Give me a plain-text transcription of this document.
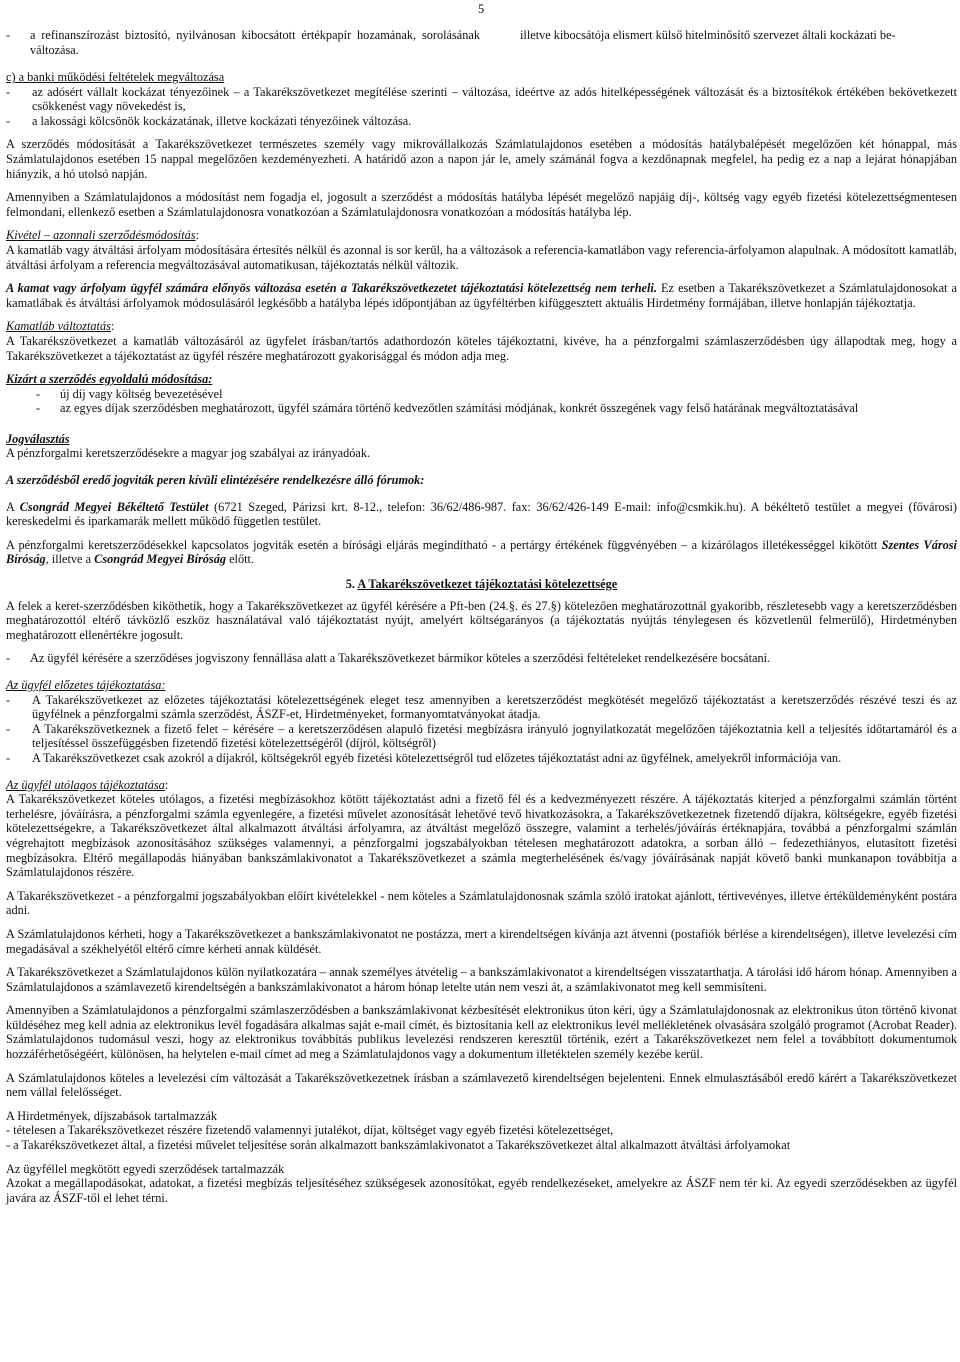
5
-	a refinanszírozást biztosító, nyilvánosan kibocsátott értékpapír hozamának, sorolásának változása.
illetve kibocsátója elismert külső hitelminősítő szervezet általi kockázati be-

c) a banki működési feltételek megváltozása

-	az adósért vállalt kockázat tényezőinek – a Takarékszövetkezet megítélése szerinti – változása, ideértve az adós hitelképességének változását és a biztosítékok értékében bekövetkezett csökkenést vagy növekedést is,
-	a lakossági kölcsönök kockázatának, illetve kockázati tényezőinek változása.

A szerződés módosítását a Takarékszövetkezet természetes személy vagy mikrovállalkozás Számlatulajdonos esetében a módosítás hatálybalépését megelőzően két hónappal, más Számlatulajdonos esetében 15 nappal megelőzően kezdeményezheti. A határidő azon a napon jár le, amely számánál fogva a kezdőnapnak megfelel, ha pedig ez a nap a lejárat hónapjában hiányzik, a hó utolsó napján.

Amennyiben a Számlatulajdonos a módosítást nem fogadja el, jogosult a szerződést a módosítás hatályba lépését megelőző napjáig díj-, költség vagy egyéb fizetési kötelezettségmentesen felmondani, ellenkező esetben a Számlatulajdonosra vonatkozóan a Számlatulajdonosra vonatkozóan a módosítás hatályba lép.

Kivétel – azonnali szerződésmódosítás:

A kamatláb vagy átváltási árfolyam módosítására értesítés nélkül és azonnal is sor kerül, ha a változások a referencia-kamatlábon vagy referencia-árfolyamon alapulnak. A módosított kamatláb, átváltási árfolyam a referencia megváltozásával automatikusan, tájékoztatás nélkül változik.

A kamat vagy árfolyam ügyfél számára előnyös változása esetén a Takarékszövetkezetet tájékoztatási kötelezettség nem terheli. Ez esetben a Takarékszövetkezet a Számlatulajdonosokat a kamatlábak és átváltási árfolyamok módosulásáról legkésőbb a hatályba lépés időpontjában az ügyféltérben kifüggesztett aktuális Hirdetmény formájában, illetve honlapján tájékoztatja.

Kamatláb változtatás:

A Takarékszövetkezet a kamatláb változásáról az ügyfelet írásban/tartós adathordozón köteles tájékoztatni, kivéve, ha a pénzforgalmi számlaszerződésben úgy állapodtak meg, hogy a Takarékszövetkezet a tájékoztatást az ügyfél részére meghatározott gyakorisággal és módon adja meg.

Kizárt a szerződés egyoldalú módosítása:

-	új díj vagy költség bevezetésével
-	az egyes díjak szerződésben meghatározott, ügyfél számára történő kedvezőtlen számítási módjának, konkrét összegének vagy felső határának megváltoztatásával

Jogválasztás

A pénzforgalmi keretszerződésekre a magyar jog szabályai az irányadóak.

A szerződésből eredő jogviták peren kívüli elintézésére rendelkezésre álló fórumok:

A Csongrád Megyei Békéltető Testület (6721 Szeged, Párizsi krt. 8-12., telefon: 36/62/486-987. fax: 36/62/426-149 E-mail: info@csmkik.hu). A békéltető testület a megyei (fővárosi) kereskedelmi és iparkamarák mellett működő független testület.

A pénzforgalmi keretszerződésekkel kapcsolatos jogviták esetén a bírósági eljárás megindítható - a pertárgy értékének függvényében – a kizárólagos illetékességgel kikötött Szentes Városi Bíróság, illetve a Csongrád Megyei Bíróság előtt.

5. A Takarékszövetkezet tájékoztatási kötelezettsége

A felek a keret-szerződésben kiköthetik, hogy a Takarékszövetkezet az ügyfél kérésére a Pft-ben (24.§. és 27.§) kötelezően meghatározottnál gyakoribb, részletesebb vagy a keretszerződésben meghatározottól eltérő távközlő eszköz használatával való tájékoztatást nyújt, amelyért költségarányos (a tájékoztatás nyújtás ténylegesen és közvetlenül felmerülő), Hirdetményben meghatározott ellenértékre jogosult.

-	Az ügyfél kérésére a szerződéses jogviszony fennállása alatt a Takarékszövetkezet bármikor köteles a szerződési feltételeket rendelkezésére bocsátani.

Az ügyfél előzetes tájékoztatása:

-	A Takarékszövetkezet az előzetes tájékoztatási kötelezettségének eleget tesz amennyiben a keretszerződést megkötését megelőző tájékoztatást a keretszerződés részévé teszi és az ügyfélnek a pénzforgalmi számla szerződést, ÁSZF-et, Hirdetményeket, formanyomtatványokat átadja.
-	A Takarékszövetkeznek a fizető felet – kérésére – a keretszerződésen alapuló fizetési megbízásra irányuló jognyilatkozatát megelőzően tájékoztatnia kell a teljesítés időtartamáról és a teljesítéssel összefüggésben fizetendő fizetési kötelezettségéről (díjról, költségről)
-	A Takarékszövetkezet csak azokról a díjakról, költségekről egyéb fizetési kötelezettségről tud előzetes tájékoztatást adni az ügyfélnek, amelyekről információja van.

Az ügyfél utólagos tájékoztatása:

A Takarékszövetkezet köteles utólagos, a fizetési megbízásokhoz kötött tájékoztatást adni a fizető fél és a kedvezményezett részére. A tájékoztatás kiterjed a pénzforgalmi számlán történt terhelésre, jóváírásra, a pénzforgalmi számla egyenlegére, a fizetési művelet azonosítását lehetővé tevő hivatkozásokra, a Takarékszövetkezetnek fizetendő díjakra, költségekre, egyéb fizetési kötelezettségekre, a Takarékszövetkezet által alkalmazott átváltási árfolyamra, az átváltást megelőző összegre, valamint a terhelés/jóváírás értéknapjára, továbbá a pénzforgalmi számlán végrehajtott megbízások azonosításához szükséges valamennyi, a pénzforgalmi jogszabályokban tételesen meghatározott adatokra, a sorban álló – fedezethiányos, elutasított fizetési megbízásokra. Eltérő megállapodás hiányában bankszámlakivonatot a Takarékszövetkezet a számla megterhelésének és/vagy jóváírásának napját követő banki munkanapon továbbítja a Számlatulajdonos részére.

A Takarékszövetkezet - a pénzforgalmi jogszabályokban előírt kivételekkel - nem köteles a Számlatulajdonosnak számla szóló iratokat ajánlott, tértivevényes, illetve értéküldeményként postára adni.

A Számlatulajdonos kérheti, hogy a Takarékszövetkezet a bankszámlakivonatot ne postázza, mert a kirendeltségen kívánja azt átvenni (postafiók bérlése a kirendeltségen), illetve levelezési cím megadásával a székhelyétől eltérő címre kérheti annak küldését.

A Takarékszövetkezet a Számlatulajdonos külön nyilatkozatára – annak személyes átvételig – a bankszámlakivonatot a kirendeltségen visszatarthatja. A tárolási idő három hónap. Amennyiben a Számlatulajdonos a számlavezető kirendeltségén a bankszámlakivonatot a három hónap letelte után nem veszi át, a számlakivonatot meg kell semmisíteni.

Amennyiben a Számlatulajdonos a pénzforgalmi számlaszerződésben a bankszámlakivonat kézbesítését elektronikus úton kéri, úgy a Számlatulajdonosnak az elektronikus úton történő kivonat küldéséhez meg kell adnia az elektronikus levél fogadására alkalmas saját e-mail címét, és biztosítania kell az elektronikus levél mellékletének olvasására szolgáló programot (Acrobat Reader). Számlatulajdonos tudomásul veszi, hogy az elektronikus továbbítás publikus levelezési rendszeren keresztül történik, ezért a Takarékszövetkezet nem felel a továbbított dokumentumok hozzáférhetőségéért, különösen, ha helytelen e-mail címet ad meg a Számlatulajdonos vagy a dokumentum illetéktelen személy kezébe kerül.

A Számlatulajdonos köteles a levelezési cím változását a Takarékszövetkezetnek írásban a számlavezető kirendeltségen bejelenteni. Ennek elmulasztásából eredő kárért a Takarékszövetkezet nem vállal felelősséget.

A Hirdetmények, díjszabások tartalmazzák

- tételesen a Takarékszövetkezet részére fizetendő valamennyi jutalékot, díjat, költséget vagy egyéb fizetési kötelezettséget,

- a Takarékszövetkezet által, a fizetési művelet teljesítése során alkalmazott bankszámlakivonatot a Takarékszövetkezet által alkalmazott átváltási árfolyamokat

Az ügyféllel megkötött egyedi szerződések tartalmazzák

Azokat a megállapodásokat, adatokat, a fizetési megbízás teljesítéséhez szükségesek azonosítókat, egyéb rendelkezéseket, amelyekre az ÁSZF nem tér ki. Az egyedi szerződésekben az ügyfél javára az ÁSZF-től el lehet térni.
